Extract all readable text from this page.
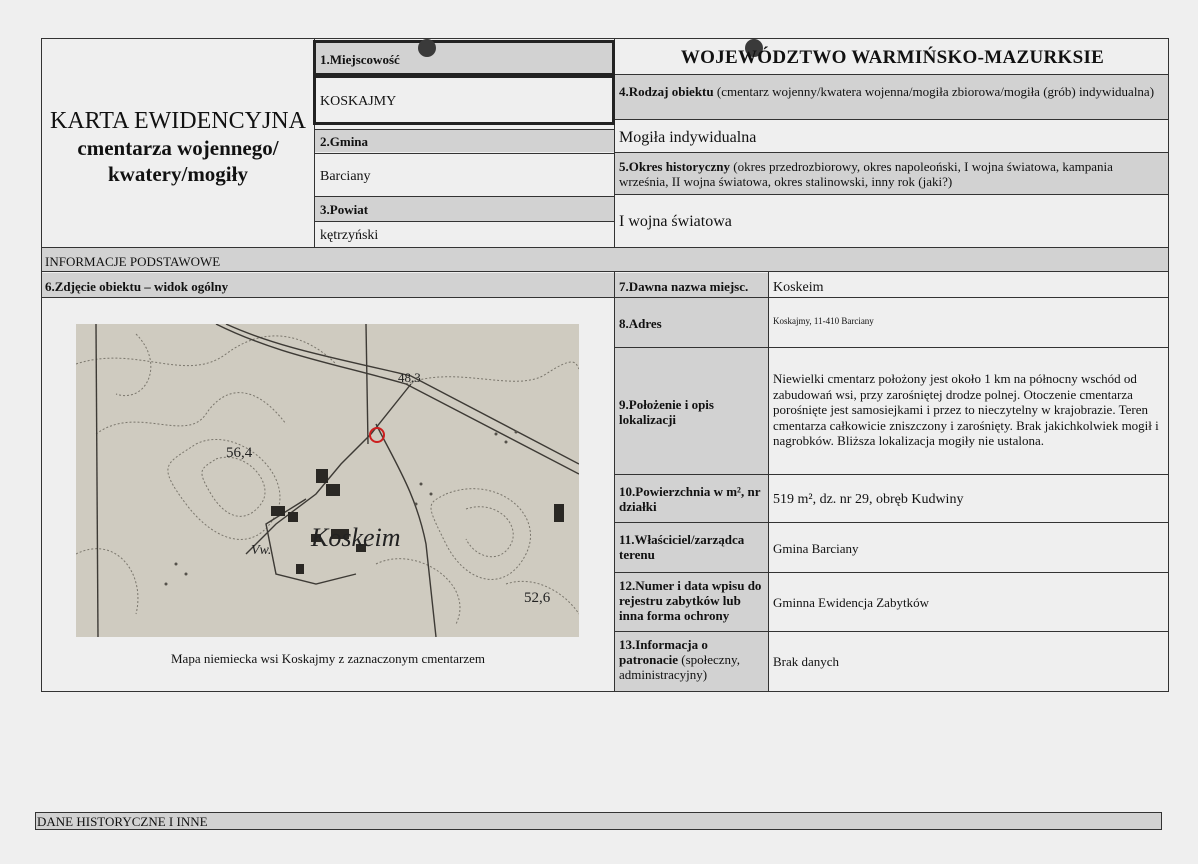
KARTA EWIDENCYJNA
cmentarza wojennego/
kwatery/mogiły
WOJEWÓDZTWO WARMIŃSKO-MAZURKSIE
1.Miejscowość
KOSKAJMY
2.Gmina
Barciany
3.Powiat
kętrzyński
4.Rodzaj obiektu (cmentarz wojenny/kwatera wojenna/mogiła zbiorowa/mogiła (grób) indywidualna)
Mogiła indywidualna
5.Okres historyczny (okres przedrozbiorowy, okres napoleoński, I wojna światowa, kampania września, II wojna światowa, okres stalinowski, inny rok (jaki?)
I wojna światowa
INFORMACJE PODSTAWOWE
6.Zdjęcie obiektu – widok ogólny
56,4
52,6
48,3
Koskeim
Vw.
Mapa niemiecka wsi Koskajmy z zaznaczonym cmentarzem
7.Dawna nazwa miejsc.
8.Adres
9.Położenie i opis lokalizacji
10.Powierzchnia w m², nr działki
11.Właściciel/zarządca terenu
12.Numer i data wpisu do rejestru zabytków lub inna forma ochrony
13.Informacja o patronacie (społeczny, administracyjny)
Koskeim
Koskajmy, 11-410 Barciany
Niewielki cmentarz położony jest około 1 km na północny wschód od zabudowań wsi, przy zarośniętej drodze polnej. Otoczenie cmentarza porośnięte jest samosiejkami i przez to nieczytelny w krajobrazie. Teren cmentarza całkowicie zniszczony i zarośnięty. Brak jakichkolwiek mogił i nagrobków. Bliższa lokalizacja mogiły nie ustalona.
519 m², dz. nr 29, obręb Kudwiny
Gmina Barciany
Gminna Ewidencja Zabytków
Brak danych
DANE HISTORYCZNE I INNE
